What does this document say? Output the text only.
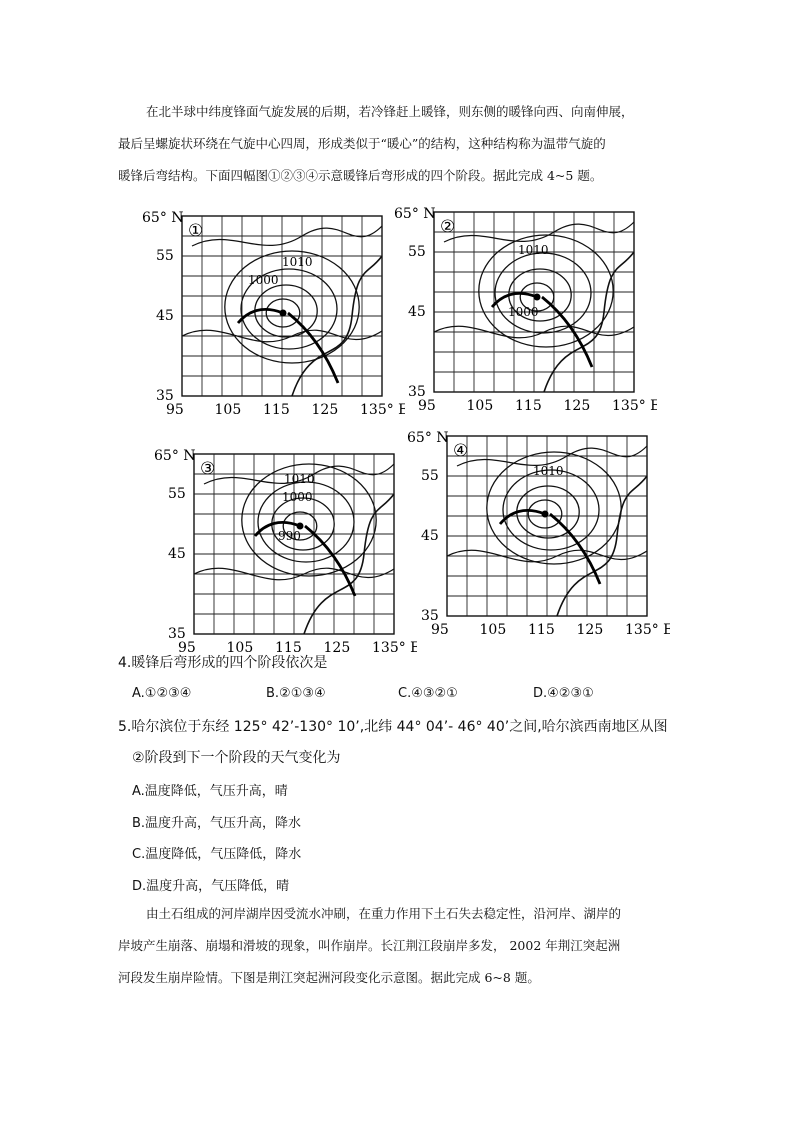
在北半球中纬度锋面气旋发展的后期，若冷锋赶上暖锋，则东侧的暖锋向西、向南伸展，
最后呈螺旋状环绕在气旋中心四周，形成类似于“暖心”的结构，这种结构称为温带气旋的
暖锋后弯结构。下面四幅图①②③④示意暖锋后弯形成的四个阶段。据此完成 4~5 题。
①
65° N
55
45
35
95 105 115 125 135° E
1010
1000
②
65° N
55
45
35
95 105 115 125 135° E
1010
1000
③
65° N
55
45
35
95 105 115 125 135° E
1010
1000
990
④
65° N
55
45
35
95 105 115 125 135° E
1010
4.暖锋后弯形成的四个阶段依次是
A.①②③④	B.②①③④	C.④③②①	D.④②③①
5.哈尔滨位于东经 125° 42’-130° 10’,北纬 44° 04’- 46° 40’之间,哈尔滨西南地区从图
②阶段到下一个阶段的天气变化为
A.温度降低，气压升高，晴
B.温度升高，气压升高，降水
C.温度降低，气压降低，降水
D.温度升高，气压降低，晴
由土石组成的河岸湖岸因受流水冲刷，在重力作用下土石失去稳定性，沿河岸、湖岸的
岸坡产生崩落、崩塌和滑坡的现象，叫作崩岸。长江荆江段崩岸多发， 2002 年荆江突起洲
河段发生崩岸险情。下图是荆江突起洲河段变化示意图。据此完成 6~8 题。
